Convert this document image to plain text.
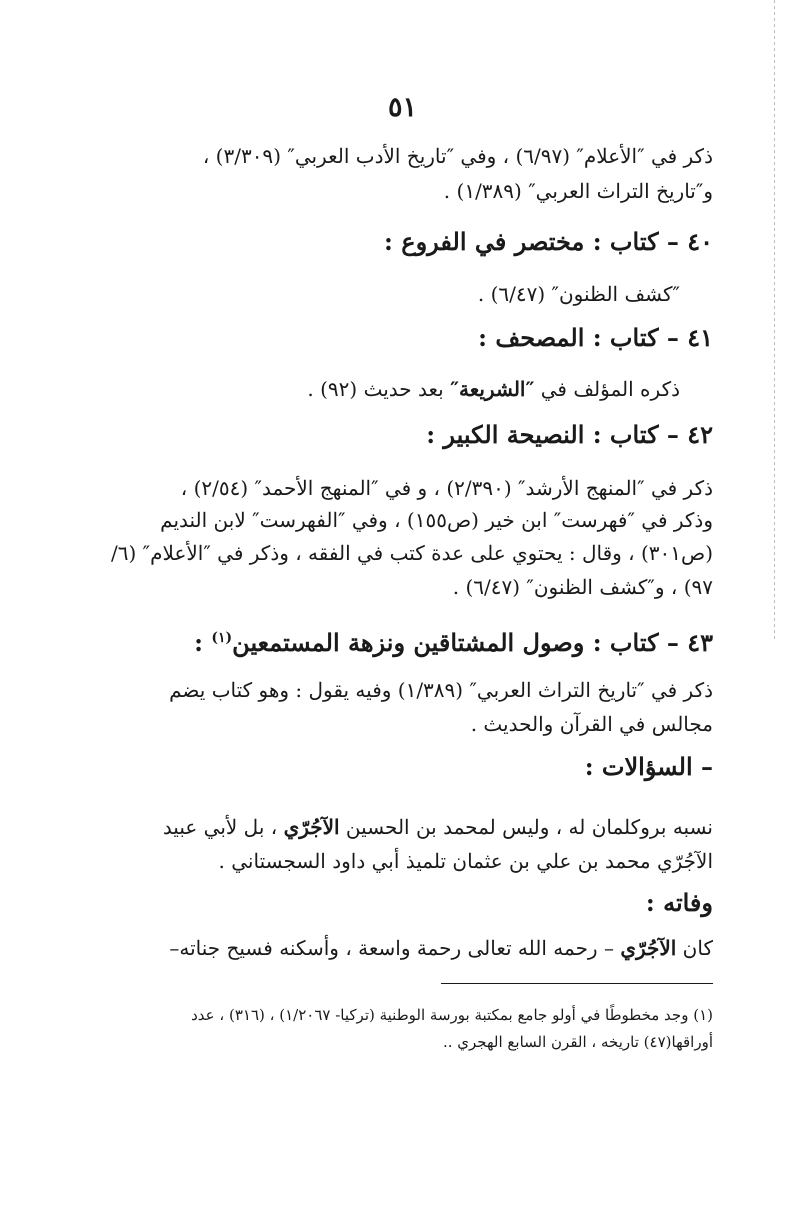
٥١
ذكر في ″الأعلام″ (٦/٩٧) ، وفي ″تاريخ الأدب العربي″ (٣/٣٠٩) ،
و″تاريخ التراث العربي″ (١/٣٨٩) .
٤٠ – كتاب : مختصر في الفروع :
″كشف الظنون″ (٦/٤٧) .
٤١ – كتاب : المصحف :
ذكره المؤلف في ″الشريعة″ بعد حديث (٩٢) .
٤٢ – كتاب : النصيحة الكبير :
ذكر في ″المنهج الأرشد″ (٢/٣٩٠) ، و في ″المنهج الأحمد″ (٢/٥٤) ،
وذكر في ″فهرست″ ابن خير (ص١٥٥) ، وفي ″الفهرست″ لابن النديم
(ص٣٠١) ، وقال : يحتوي على عدة كتب في الفقه ، وذكر في ″الأعلام″ (٦/
٩٧) ، و″كشف الظنون″ (٦/٤٧) .
٤٣ – كتاب : وصول المشتاقين ونزهة المستمعين$^{(١)}$ :
ذكر في ″تاريخ التراث العربي″ (١/٣٨٩) وفيه يقول : وهو كتاب يضم
مجالس في القرآن والحديث .
– السؤالات :
نسبه بروكلمان له ، وليس لمحمد بن الحسين الآجُرّي ، بل لأبي عبيد
الآجُرّي محمد بن علي بن عثمان تلميذ أبي داود السجستاني .
وفاته :
كان الآجُرّي – رحمه الله تعالى رحمة واسعة ، وأسكنه فسيح جناته–
(١) وجد مخطوطًا في أولو جامع بمكتبة بورسة الوطنية (تركيا- ١/٢٠٦٧) ، (٣١٦) ، عدد
أوراقها(٤٧) تاريخه ، القرن السابع الهجري ..
